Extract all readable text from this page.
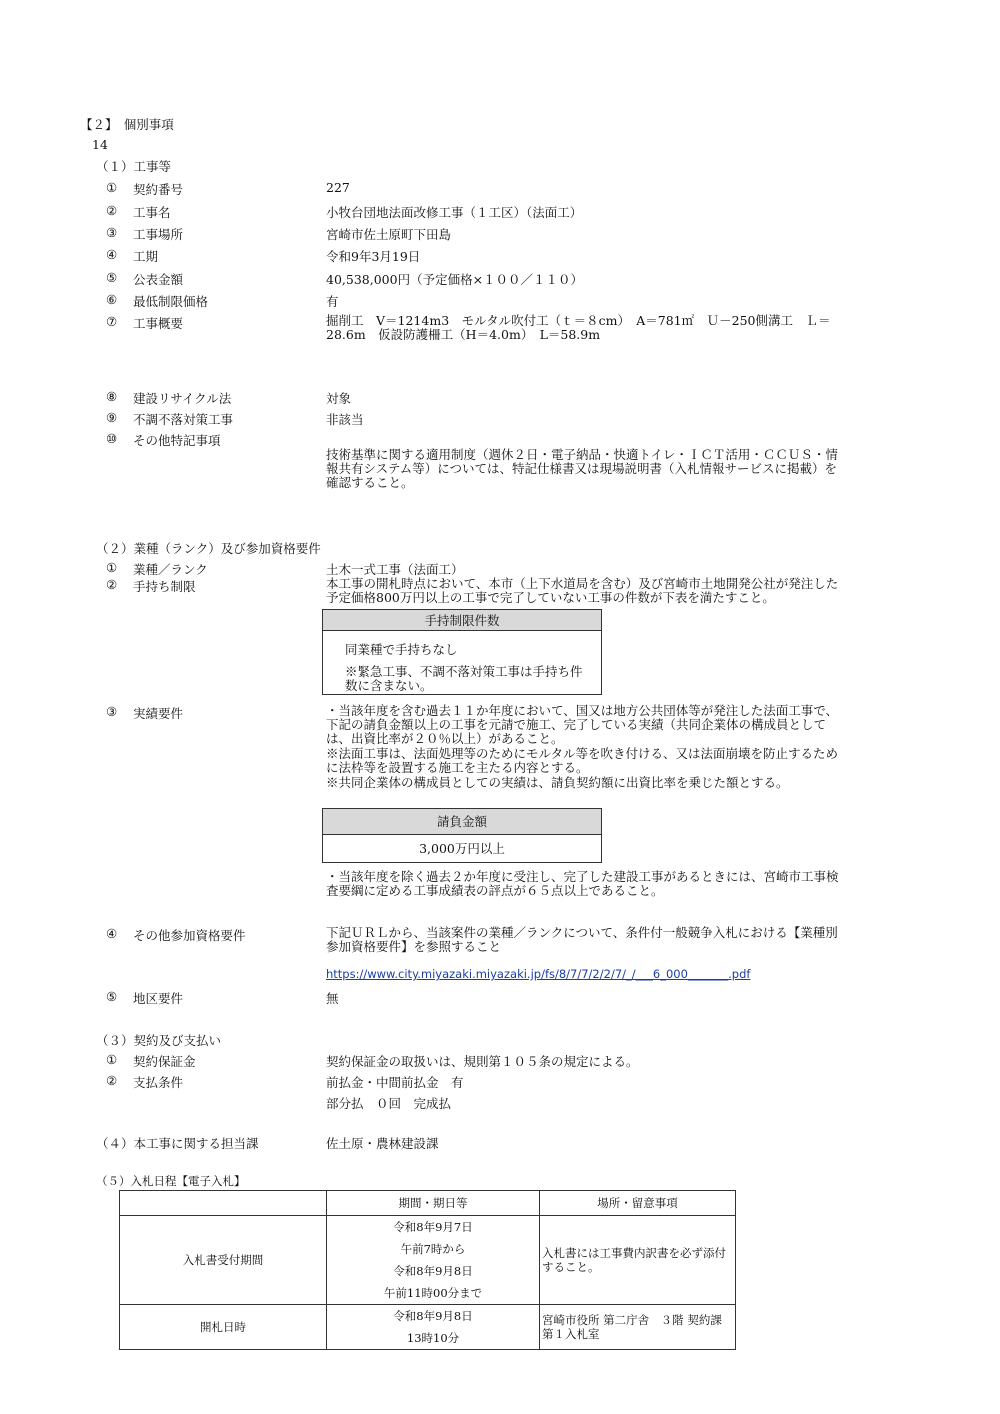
【２】　個別事項
14
（１）工事等
① 契約番号	227
② 工事名	小牧台団地法面改修工事（１工区）（法面工）
③ 工事場所	宮崎市佐土原町下田島
④ 工期	令和9年3月19日
⑤ 公表金額	40,538,000円（予定価格×１００／１１０）
⑥ 最低制限価格	有
⑦ 工事概要	掘削工　V＝1214m3　モルタル吹付工（ｔ＝８cm）　A＝781㎡　Ｕ－250側溝工　Ｌ＝28.6m　仮設防護柵工（H＝4.0m）　L＝58.9m
⑧ 建設リサイクル法	対象
⑨ 不調不落対策工事	非該当
⑩ その他特記事項
技術基準に関する適用制度（週休２日・電子納品・快適トイレ・ＩＣＴ活用・ＣＣＵＳ・情報共有システム等）については、特記仕様書又は現場説明書（入札情報サービスに掲載）を確認すること。
（２）業種（ランク）及び参加資格要件
① 業種／ランク	土木一式工事（法面工）
② 手持ち制限	本工事の開札時点において、本市（上下水道局を含む）及び宮崎市土地開発公社が発注した予定価格800万円以上の工事で完了していない工事の件数が下表を満たすこと。
手持制限件数
同業種で手持ちなし
※緊急工事、不調不落対策工事は手持ち件数に含まない。
③ 実績要件	・当該年度を含む過去１１か年度において、国又は地方公共団体等が発注した法面工事で、下記の請負金額以上の工事を元請で施工、完了している実績（共同企業体の構成員としては、出資比率が２０％以上）があること。
※法面工事は、法面処理等のためにモルタル等を吹き付ける、又は法面崩壊を防止するために法枠等を設置する施工を主たる内容とする。
※共同企業体の構成員としての実績は、請負契約額に出資比率を乗じた額とする。
請負金額
3,000万円以上
・当該年度を除く過去２か年度に受注し、完了した建設工事があるときには、宮崎市工事検査要綱に定める工事成績表の評点が６５点以上であること。
④ その他参加資格要件	下記ＵＲＬから、当該案件の業種／ランクについて、条件付一般競争入札における【業種別参加資格要件】を参照すること
https://www.city.miyazaki.miyazaki.jp/fs/8/7/7/2/2/7/_/___6_000_______.pdf
⑤ 地区要件	無
（３）契約及び支払い
① 契約保証金	契約保証金の取扱いは、規則第１０５条の規定による。
② 支払条件	前払金・中間前払金　有
部分払　０回　完成払
（４）本工事に関する担当課	佐土原・農林建設課
（５）入札日程【電子入札】
	期間・期日等	場所・留意事項
入札書受付期間	令和8年9月7日
午前7時から
令和8年9月8日
午前11時00分まで	入札書には工事費内訳書を必ず添付すること。
開札日時	令和8年9月8日
13時10分	宮崎市役所 第二庁舎　３階 契約課 第１入札室
